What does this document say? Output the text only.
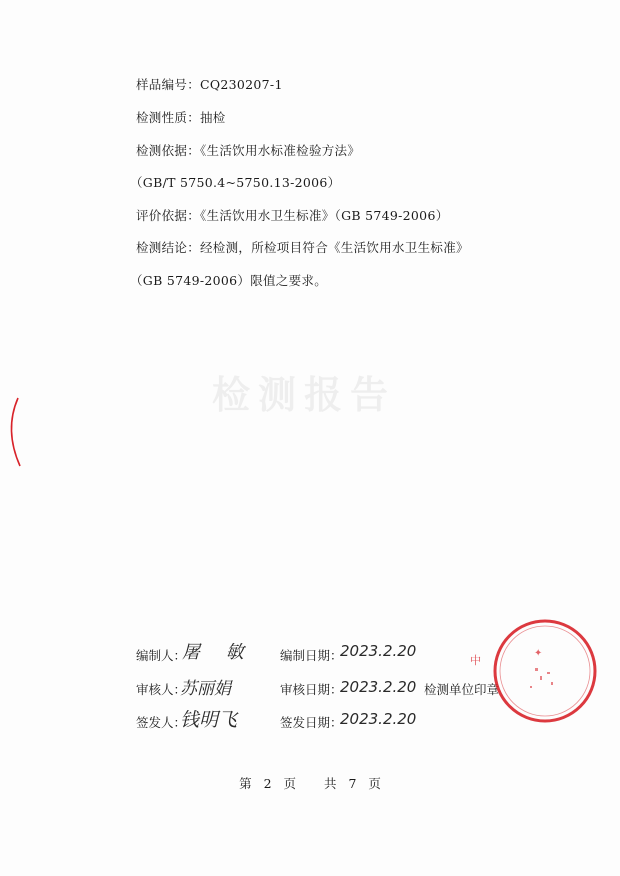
检测报告
样品编号：CQ230207-1
检测性质：抽检
检测依据：《生活饮用水标准检验方法》
（GB/T 5750.4~5750.13-2006）
评价依据：《生活饮用水卫生标准》（GB 5749-2006）
检测结论：经检测，所检项目符合《生活饮用水卫生标准》
（GB 5749-2006）限值之要求。
编制人：
屠 敏 编制日期：
2023.2.20
审核人：
苏丽娟	审核日期：
2023.2.20 检测单位印章
签发人：
钱明飞	签发日期：
2023.2.20
中
✦
第 2 页 共 7 页
